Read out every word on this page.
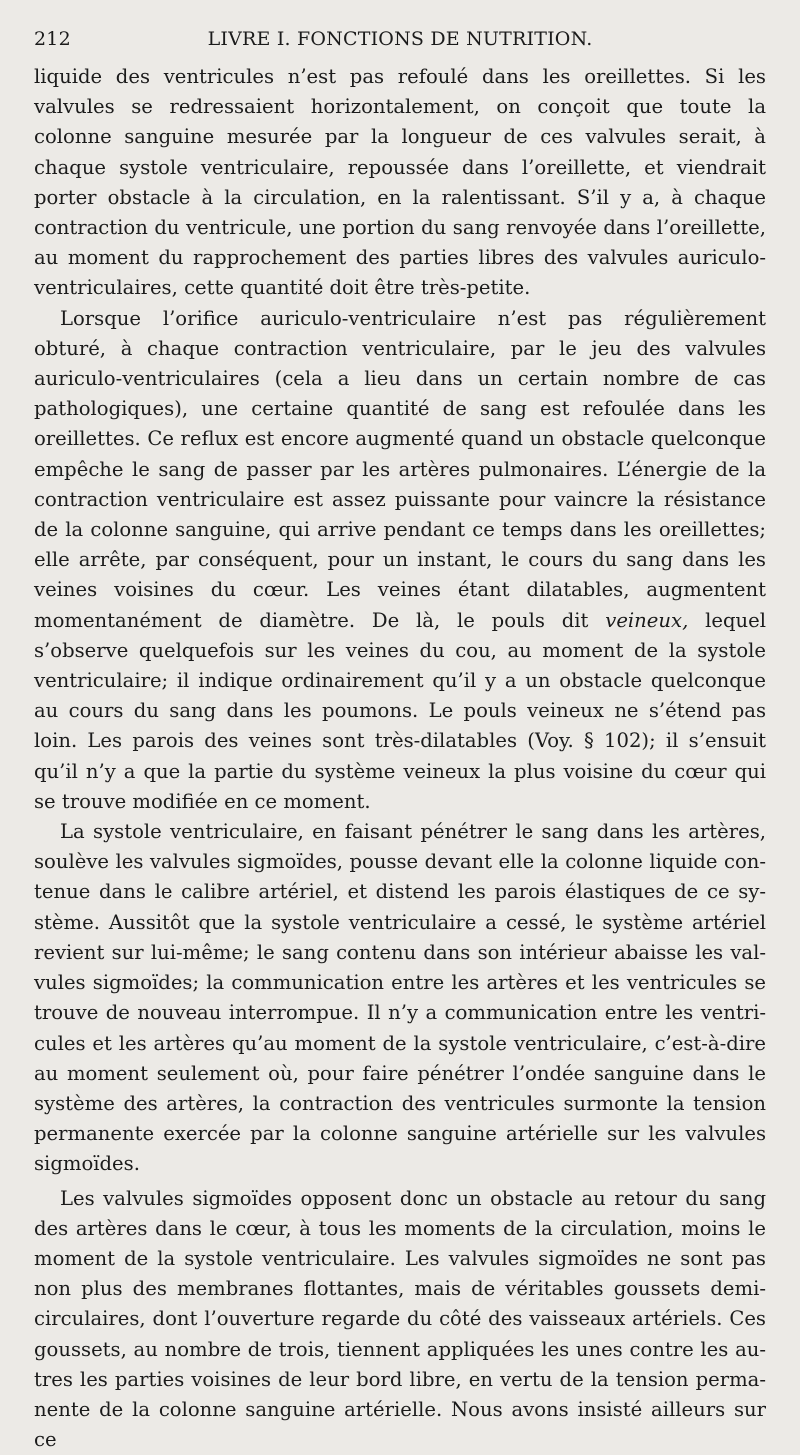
212	LIVRE I. FONCTIONS DE NUTRITION.

liquide des ventricules n’est pas refoulé dans les oreillettes. Si les valvules se redressaient horizontalement, on conçoit que toute la colonne sanguine mesurée par la longueur de ces valvules serait, à chaque systole ventriculaire, repoussée dans l’oreillette, et viendrait porter obstacle à la circulation, en la ralentissant. S’il y a, à chaque contraction du ventricule, une portion du sang renvoyée dans l’oreillette, au moment du rapprochement des parties libres des valvules auriculo-ventriculaires, cette quantité doit être très-petite.

Lorsque l’orifice auriculo-ventriculaire n’est pas régulièrement obturé, à chaque contraction ventriculaire, par le jeu des valvules auriculo-ventriculaires (cela a lieu dans un certain nombre de cas pathologiques), une certaine quantité de sang est refoulée dans les oreillettes. Ce reflux est encore augmenté quand un obstacle quelconque empêche le sang de passer par les artères pulmonaires. L’énergie de la contraction ventriculaire est assez puissante pour vaincre la résistance de la colonne sanguine, qui arrive pendant ce temps dans les oreillettes; elle arrête, par conséquent, pour un instant, le cours du sang dans les veines voisines du cœur. Les veines étant dilatables, augmentent momentanément de diamètre. De là, le pouls dit veineux, lequel s’observe quelquefois sur les veines du cou, au moment de la systole ventriculaire; il indique ordinairement qu’il y a un obstacle quelconque au cours du sang dans les poumons. Le pouls veineux ne s’étend pas loin. Les parois des veines sont très-dilatables (Voy. § 102); il s’ensuit qu’il n’y a que la partie du système veineux la plus voisine du cœur qui se trouve modifiée en ce moment.

La systole ventriculaire, en faisant pénétrer le sang dans les artères, soulève les valvules sigmoïdes, pousse devant elle la colonne liquide contenue dans le calibre artériel, et distend les parois élastiques de ce système. Aussitôt que la systole ventriculaire a cessé, le système artériel revient sur lui-même; le sang contenu dans son intérieur abaisse les valvules sigmoïdes; la communication entre les artères et les ventricules se trouve de nouveau interrompue. Il n’y a communication entre les ventricules et les artères qu’au moment de la systole ventriculaire, c’est-à-dire au moment seulement où, pour faire pénétrer l’ondée sanguine dans le système des artères, la contraction des ventricules surmonte la tension permanente exercée par la colonne sanguine artérielle sur les valvules sigmoïdes.

Les valvules sigmoïdes opposent donc un obstacle au retour du sang des artères dans le cœur, à tous les moments de la circulation, moins le moment de la systole ventriculaire. Les valvules sigmoïdes ne sont pas non plus des membranes flottantes, mais de véritables goussets demicirculaires, dont l’ouverture regarde du côté des vaisseaux artériels. Ces goussets, au nombre de trois, tiennent appliquées les unes contre les autres les parties voisines de leur bord libre, en vertu de la tension permanente de la colonne sanguine artérielle. Nous avons insisté ailleurs sur ce
